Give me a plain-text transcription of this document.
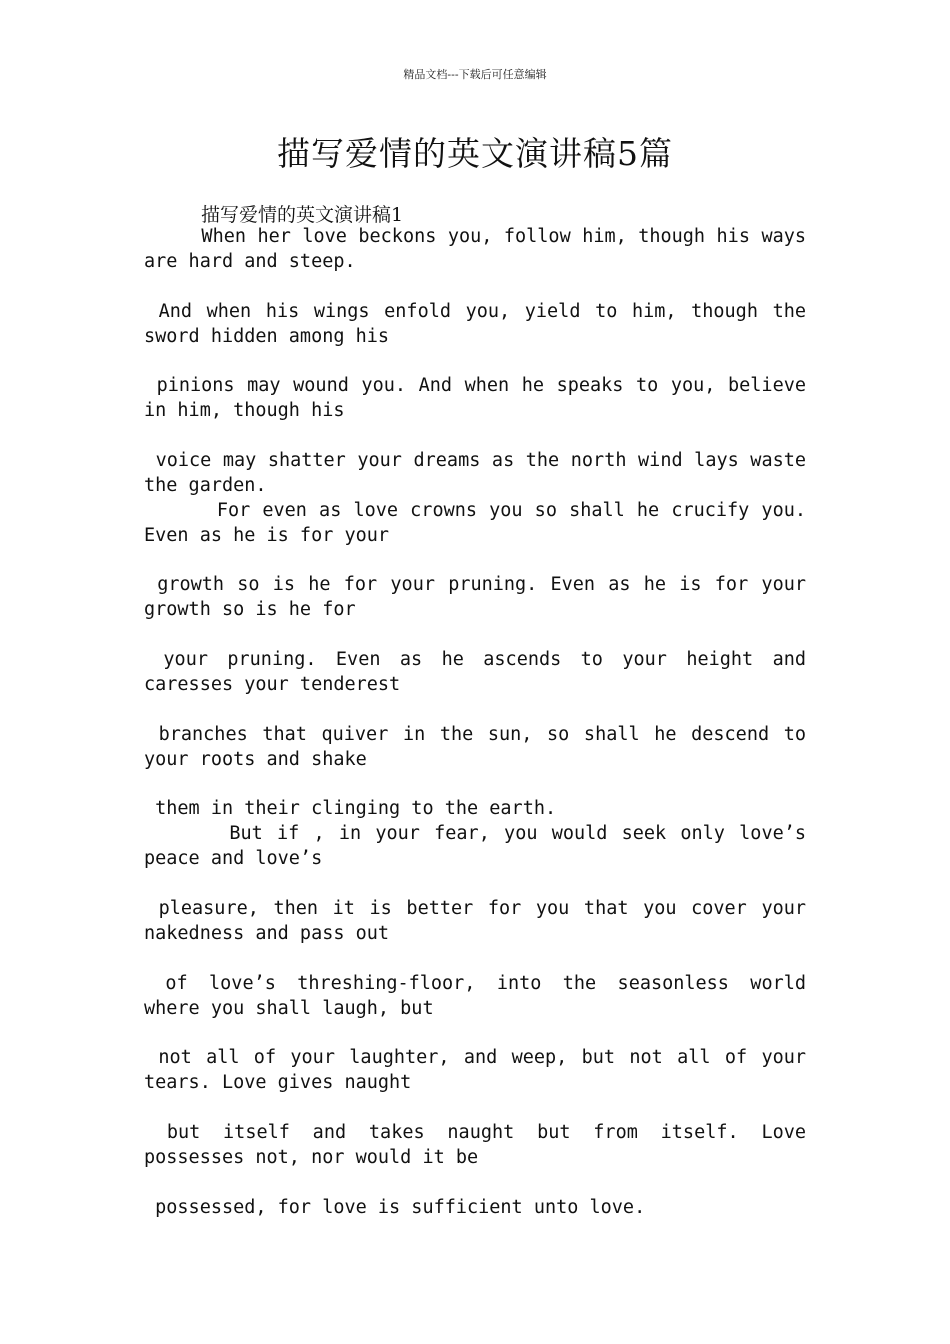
精品文档---下载后可任意编辑
描写爱情的英文演讲稿5篇
描写爱情的英文演讲稿1
When her love beckons you, follow him, though his ways
are hard and steep.
And when his wings enfold you, yield to him, though the
sword hidden among his
pinions may wound you. And when he speaks to you, believe
in him, though his
voice may shatter your dreams as the north wind lays waste
the garden.
For even as love crowns you so shall he crucify you.
Even as he is for your
growth so is he for your pruning. Even as he is for your
growth so is he for
your pruning. Even as he ascends to your height and
caresses your tenderest
branches that quiver in the sun, so shall he descend to
your roots and shake
them in their clinging to the earth.
But if , in your fear, you would seek only love’s
peace and love’s
pleasure, then it is better for you that you cover your
nakedness and pass out
of love’s threshing-floor, into the seasonless world
where you shall laugh, but
not all of your laughter, and weep, but not all of your
tears. Love gives naught
but itself and takes naught but from itself. Love
possesses not, nor would it be
possessed, for love is sufficient unto love.
